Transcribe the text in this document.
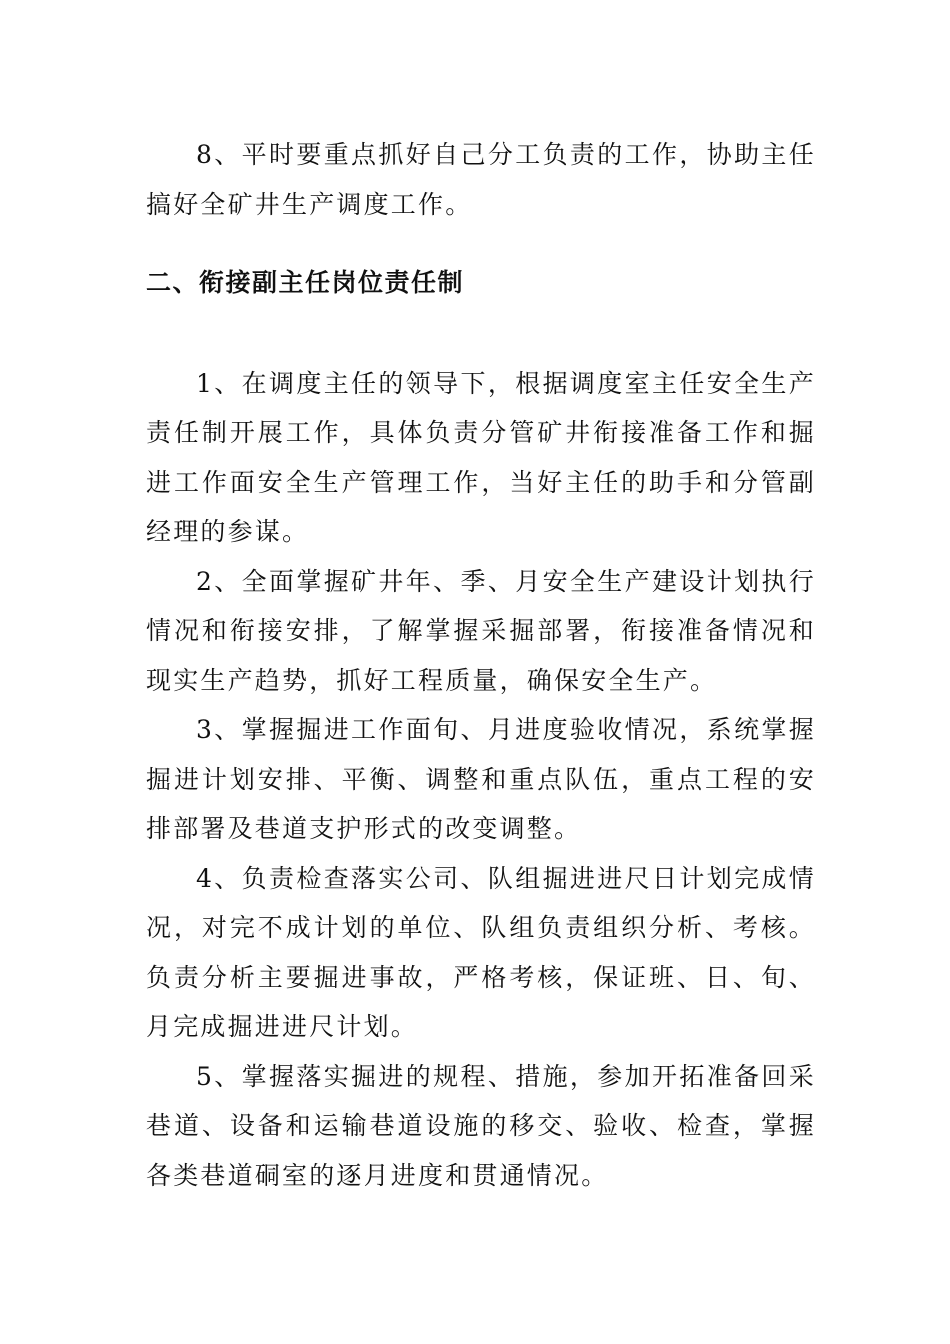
8、平时要重点抓好自己分工负责的工作，协助主任搞好全矿井生产调度工作。

二、衔接副主任岗位责任制

1、在调度主任的领导下，根据调度室主任安全生产责任制开展工作，具体负责分管矿井衔接准备工作和掘进工作面安全生产管理工作，当好主任的助手和分管副经理的参谋。

2、全面掌握矿井年、季、月安全生产建设计划执行情况和衔接安排，了解掌握采掘部署，衔接准备情况和现实生产趋势，抓好工程质量，确保安全生产。

3、掌握掘进工作面旬、月进度验收情况，系统掌握掘进计划安排、平衡、调整和重点队伍，重点工程的安排部署及巷道支护形式的改变调整。

4、负责检查落实公司、队组掘进进尺日计划完成情况，对完不成计划的单位、队组负责组织分析、考核。负责分析主要掘进事故，严格考核，保证班、日、旬、月完成掘进进尺计划。

5、掌握落实掘进的规程、措施，参加开拓准备回采巷道、设备和运输巷道设施的移交、验收、检查，掌握各类巷道硐室的逐月进度和贯通情况。
